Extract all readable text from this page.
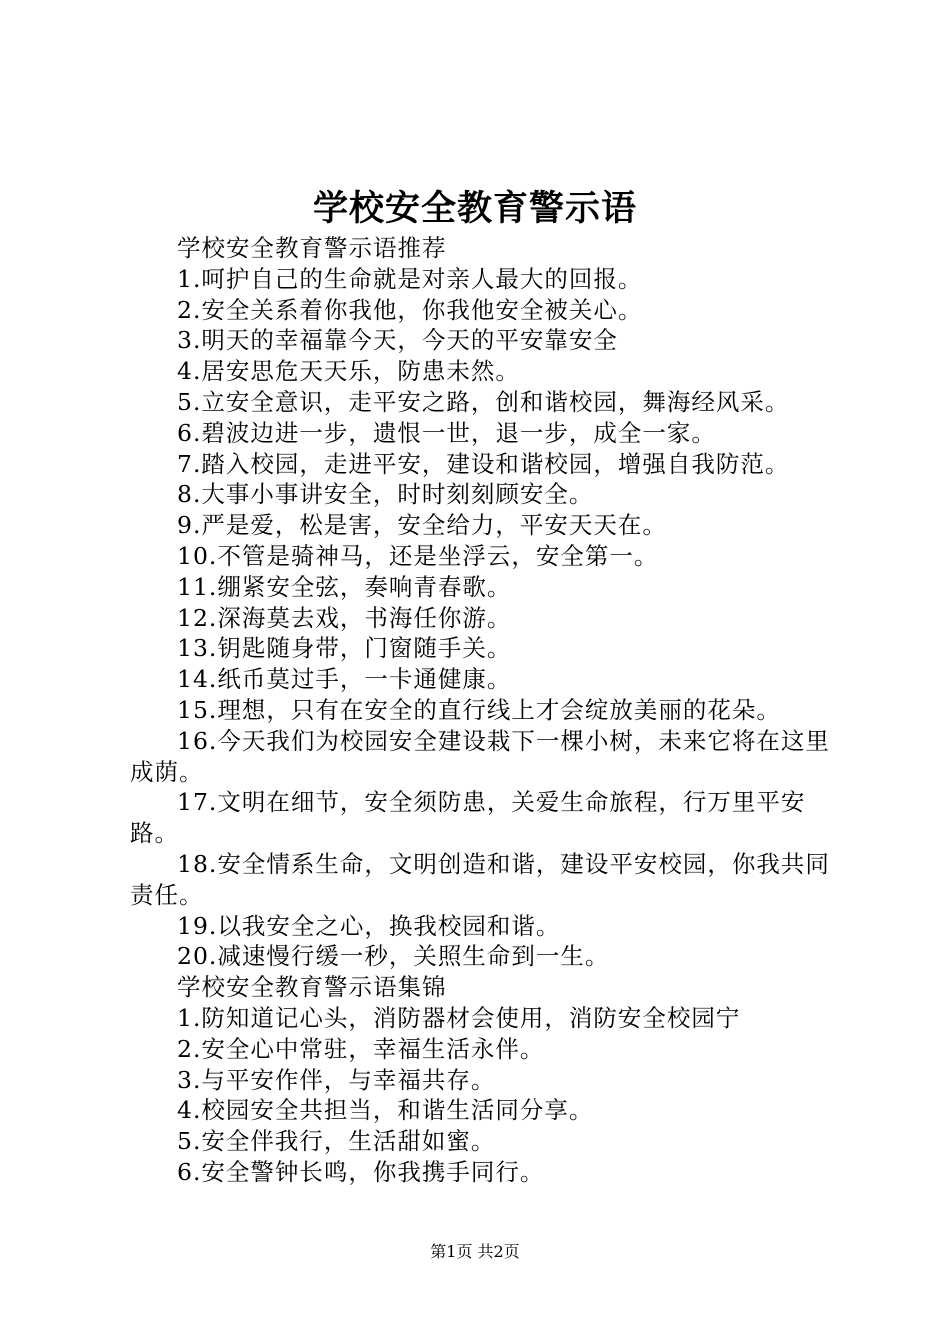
学校安全教育警示语

学校安全教育警示语推荐

1.呵护自己的生命就是对亲人最大的回报。

2.安全关系着你我他，你我他安全被关心。

3.明天的幸福靠今天，今天的平安靠安全

4.居安思危天天乐，防患未然。

5.立安全意识，走平安之路，创和谐校园，舞海经风采。

6.碧波边进一步，遗恨一世，退一步，成全一家。

7.踏入校园，走进平安，建设和谐校园，增强自我防范。

8.大事小事讲安全，时时刻刻顾安全。

9.严是爱，松是害，安全给力，平安天天在。

10.不管是骑神马，还是坐浮云，安全第一。

11.绷紧安全弦，奏响青春歌。

12.深海莫去戏，书海任你游。

13.钥匙随身带，门窗随手关。

14.纸币莫过手，一卡通健康。

15.理想，只有在安全的直行线上才会绽放美丽的花朵。

16.今天我们为校园安全建设栽下一棵小树，未来它将在这里成荫。

17.文明在细节，安全须防患，关爱生命旅程，行万里平安路。

18.安全情系生命，文明创造和谐，建设平安校园，你我共同责任。

19.以我安全之心，换我校园和谐。

20.减速慢行缓一秒，关照生命到一生。

学校安全教育警示语集锦

1.防知道记心头，消防器材会使用，消防安全校园宁

2.安全心中常驻，幸福生活永伴。

3.与平安作伴，与幸福共存。

4.校园安全共担当，和谐生活同分享。

5.安全伴我行，生活甜如蜜。

6.安全警钟长鸣，你我携手同行。

第1页 共2页
